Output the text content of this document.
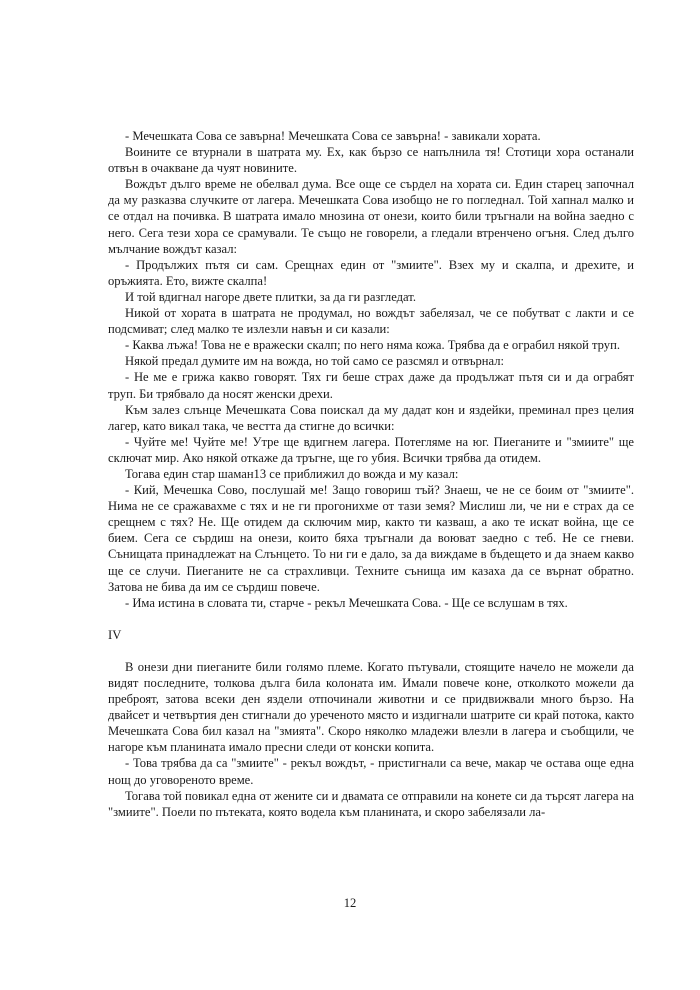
- Мечешката Сова се завърна! Мечешката Сова се завърна! - завикали хората.

Воините се втурнали в шатрата му. Ех, как бързо се напълнила тя! Стотици хора останали отвън в очакване да чуят новините.

Вождът дълго време не обелвал дума. Все още се сърдел на хората си. Един старец започнал да му разказва случките от лагера. Мечешката Сова изобщо не го погледнал. Той хапнал малко и се отдал на почивка. В шатрата имало мнозина от онези, които били тръгнали на война заедно с него. Сега тези хора се срамували. Те също не говорели, а гледали втренчено огъня. След дълго мълчание вождът казал:

- Продължих пътя си сам. Срещнах един от "змиите". Взех му и скалпа, и дрехите, и оръжията. Ето, вижте скалпа!

И той вдигнал нагоре двете плитки, за да ги разгледат.

Никой от хората в шатрата не продумал, но вождът забелязал, че се побутват с лакти и се подсмиват; след малко те излезли навън и си казали:

- Каква лъжа! Това не е вражески скалп; по него няма кожа. Трябва да е ограбил някой труп.

Някой предал думите им на вожда, но той само се разсмял и отвърнал:

- Не ме е грижа какво говорят. Тях ги беше страх даже да продължат пътя си и да ограбят труп. Би трябвало да носят женски дрехи.

Към залез слънце Мечешката Сова поискал да му дадат кон и яздейки, преминал през целия лагер, като викал така, че вестта да стигне до всички:

- Чуйте ме! Чуйте ме! Утре ще вдигнем лагера. Потегляме на юг. Пиеганите и "змиите" ще сключат мир. Ако някой откаже да тръгне, ще го убия. Всички трябва да отидем.

Тогава един стар шаман13 се приближил до вожда и му казал:

- Кий, Мечешка Сово, послушай ме! Защо говориш тъй? Знаеш, че не се боим от "змиите". Нима не се сражавахме с тях и не ги прогонихме от тази земя? Мислиш ли, че ни е страх да се срещнем с тях? Не. Ще отидем да сключим мир, както ти казваш, а ако те искат война, ще се бием. Сега се сърдиш на онези, които бяха тръгнали да воюват заедно с теб. Не се гневи. Сънищата принадлежат на Слънцето. То ни ги е дало, за да виждаме в бъдещето и да знаем какво ще се случи. Пиеганите не са страхливци. Техните сънища им казаха да се върнат обратно. Затова не бива да им се сърдиш повече.

- Има истина в словата ти, старче - рекъл Мечешката Сова. - Ще се вслушам в тях.

IV

В онези дни пиеганите били голямо племе. Когато пътували, стоящите начело не можели да видят последните, толкова дълга била колоната им. Имали повече коне, отколкото можели да преброят, затова всеки ден яздели отпочинали животни и се придвижвали много бързо. На двайсет и четвъртия ден стигнали до уреченото място и издигнали шатрите си край потока, както Мечешката Сова бил казал на "змията". Скоро няколко младежи влезли в лагера и съобщили, че нагоре към планината имало пресни следи от конски копита.

- Това трябва да са "змиите" - рекъл вождът, - пристигнали са вече, макар че остава още една нощ до уговореното време.

Тогава той повикал една от жените си и двамата се отправили на конете си да търсят лагера на "змиите". Поели по пътеката, която водела към планината, и скоро забелязали ла-

12
